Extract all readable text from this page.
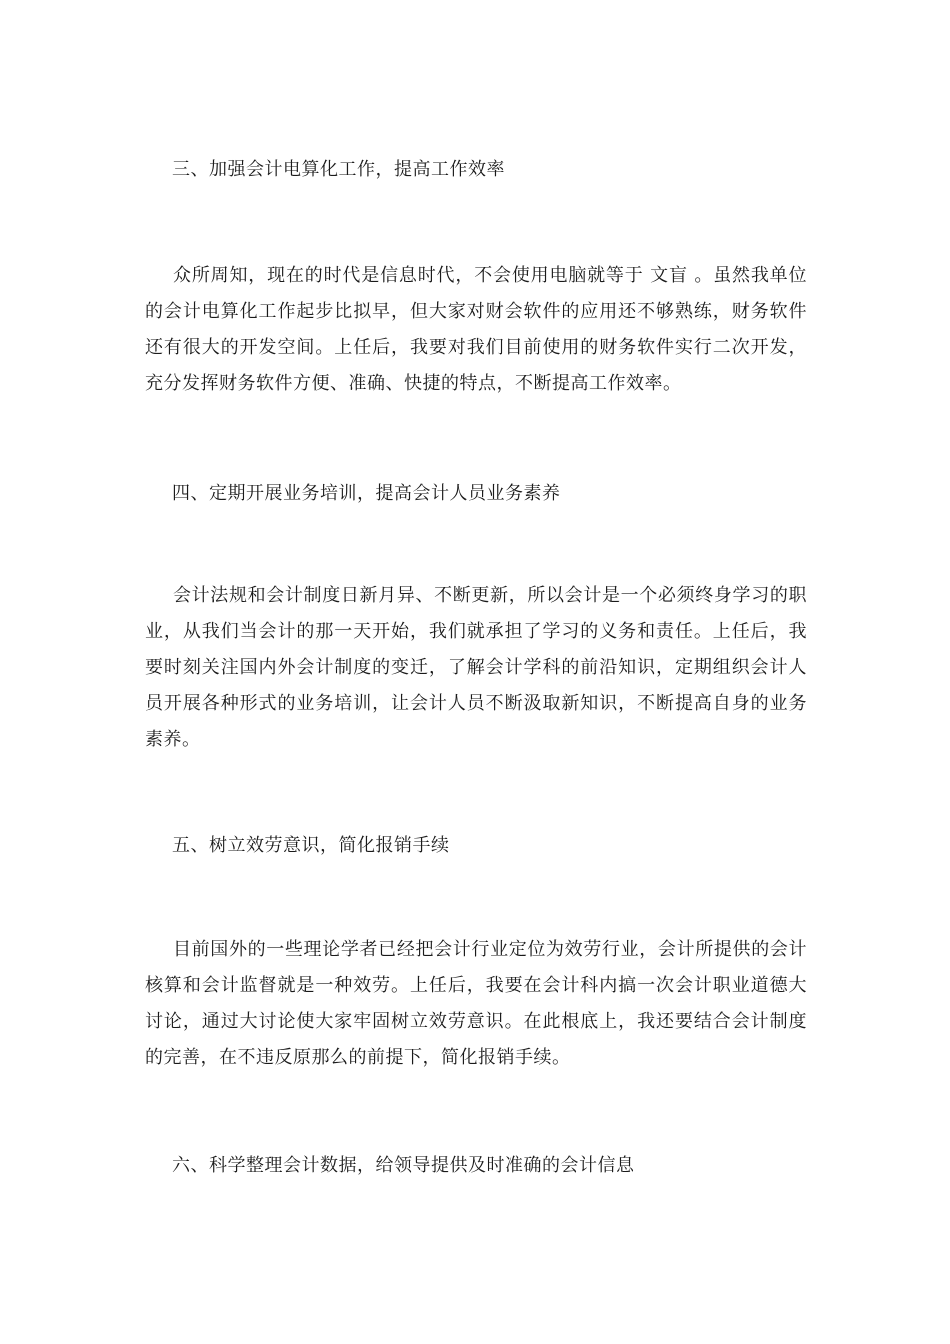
三、加强会计电算化工作，提高工作效率

众所周知，现在的时代是信息时代，不会使用电脑就等于 文盲 。虽然我单位的会计电算化工作起步比拟早，但大家对财会软件的应用还不够熟练，财务软件还有很大的开发空间。上任后，我要对我们目前使用的财务软件实行二次开发，充分发挥财务软件方便、准确、快捷的特点，不断提高工作效率。

四、定期开展业务培训，提高会计人员业务素养

会计法规和会计制度日新月异、不断更新，所以会计是一个必须终身学习的职业，从我们当会计的那一天开始，我们就承担了学习的义务和责任。上任后，我要时刻关注国内外会计制度的变迁，了解会计学科的前沿知识，定期组织会计人员开展各种形式的业务培训，让会计人员不断汲取新知识，不断提高自身的业务素养。

五、树立效劳意识，简化报销手续

目前国外的一些理论学者已经把会计行业定位为效劳行业，会计所提供的会计核算和会计监督就是一种效劳。上任后，我要在会计科内搞一次会计职业道德大讨论，通过大讨论使大家牢固树立效劳意识。在此根底上，我还要结合会计制度的完善，在不违反原那么的前提下，简化报销手续。

六、科学整理会计数据，给领导提供及时准确的会计信息
